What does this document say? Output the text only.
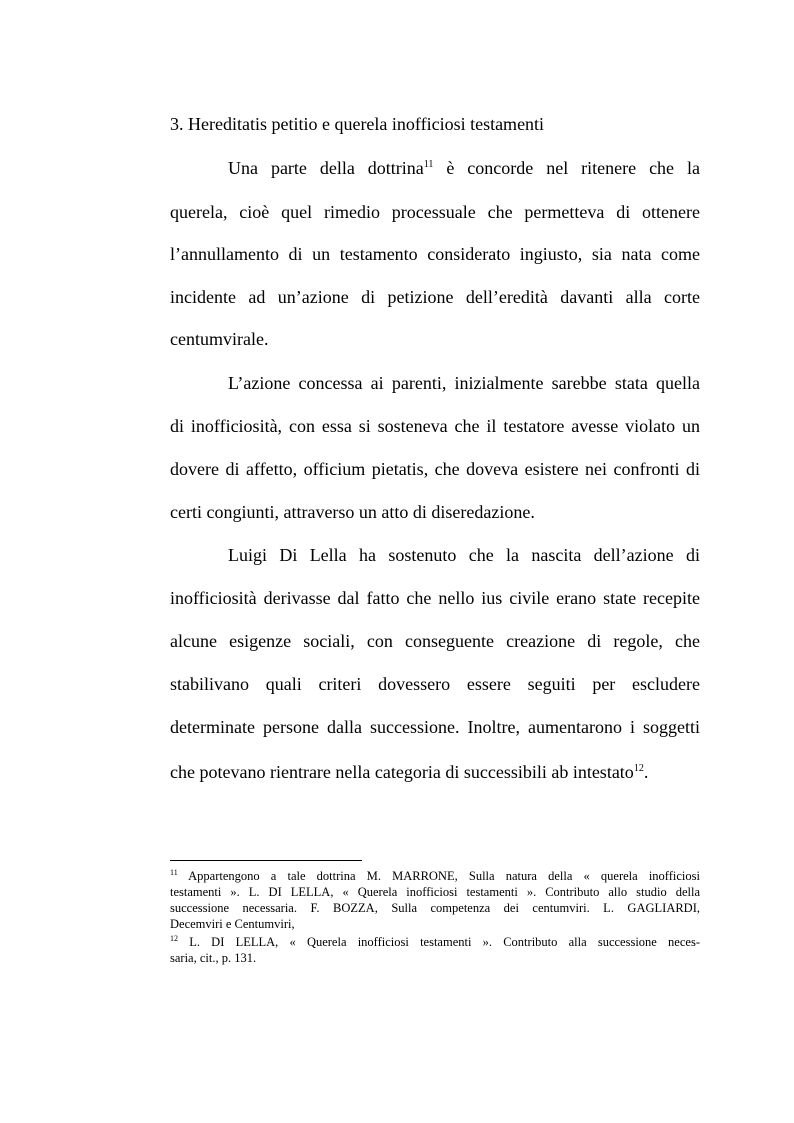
3. Hereditatis petitio e querela inofficiosi testamenti
Una parte della dottrina$^{11}$ è concorde nel ritenere che la
querela, cioè quel rimedio processuale che permetteva di ottenere
l’annullamento di un testamento considerato ingiusto, sia nata come
incidente ad un’azione di petizione dell’eredità davanti alla corte
centumvirale.
L’azione concessa ai parenti, inizialmente sarebbe stata quella
di inofficiosità, con essa si sosteneva che il testatore avesse violato un
dovere di affetto, officium pietatis, che doveva esistere nei confronti di
certi congiunti, attraverso un atto di diseredazione.
Luigi Di Lella ha sostenuto che la nascita dell’azione di
inofficiosità derivasse dal fatto che nello ius civile erano state recepite
alcune esigenze sociali, con conseguente creazione di regole, che
stabilivano quali criteri dovessero essere seguiti per escludere
determinate persone dalla successione. Inoltre, aumentarono i soggetti
che potevano rientrare nella categoria di successibili ab intestato$^{12}$.
$^{11}$ Appartengono a tale dottrina M. MARRONE, Sulla natura della « querela inofficiosi
testamenti ». L. DI LELLA, « Querela inofficiosi testamenti ». Contributo allo studio della
successione necessaria. F. BOZZA, Sulla competenza dei centumviri. L. GAGLIARDI,
Decemviri e Centumviri,
$^{12}$ L. DI LELLA, « Querela inofficiosi testamenti ». Contributo alla successione neces-
saria, cit., p. 131.
